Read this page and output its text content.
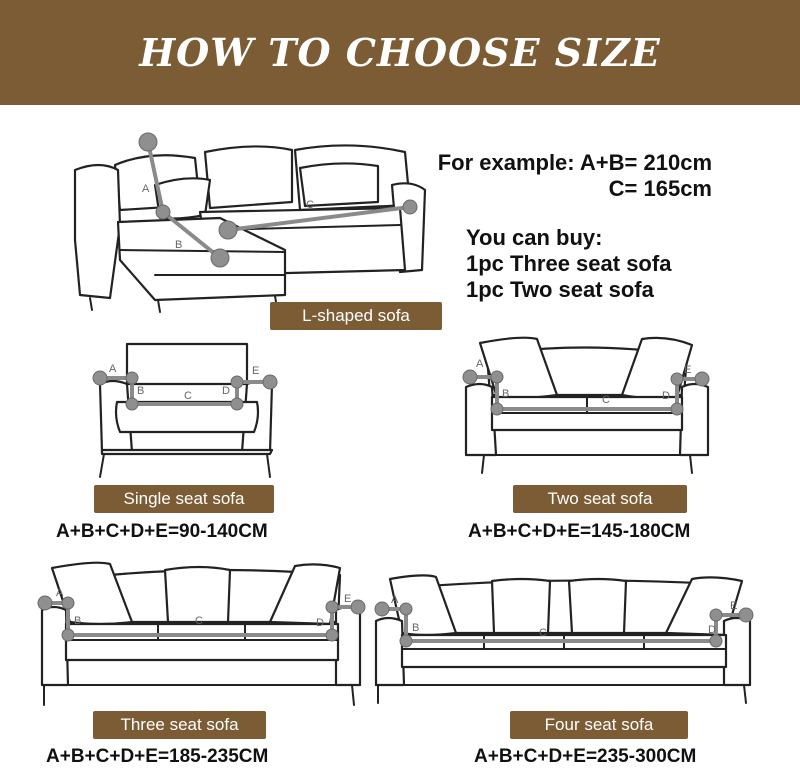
HOW TO CHOOSE SIZE
A
B
C
L-shaped sofa
For example: A+B= 210cm
C= 165cm
You can buy:
1pc Three seat sofa
1pc Two seat sofa
A
B	C	D
E
Single seat sofa
A+B+C+D+E=90-140CM
A
B	C	D
E
Two seat sofa
A+B+C+D+E=145-180CM
A
B	C	D
E
Three seat sofa
A+B+C+D+E=185-235CM
A
B	C	D
E
Four seat sofa
A+B+C+D+E=235-300CM
